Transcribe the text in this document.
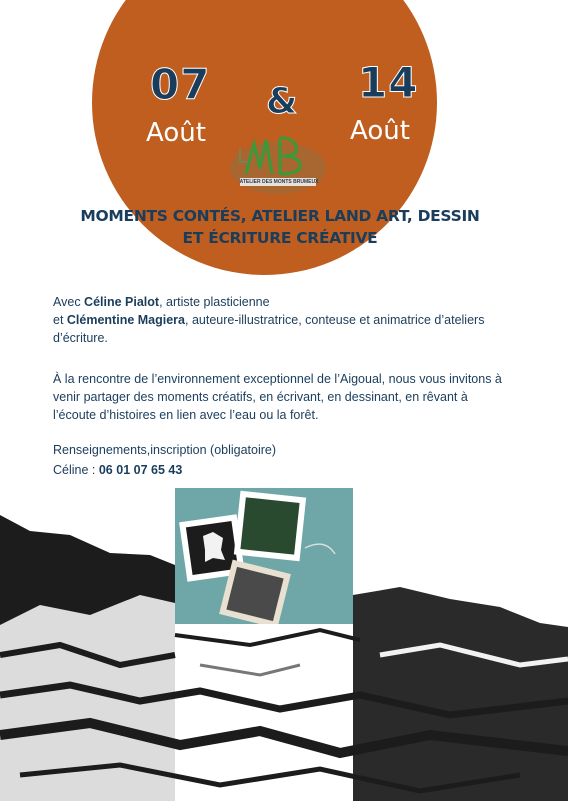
07
Août
& 14
Août
ATELIER DES MONTS BRUMEUX
MOMENTS CONTÉS, ATELIER LAND ART, DESSIN
ET ÉCRITURE CRÉATIVE
Avec Céline Pialot, artiste plasticienne
et Clémentine Magiera, auteure-illustratrice, conteuse et animatrice d’ateliers d’écriture.
À la rencontre de l’environnement exceptionnel de l’Aigoual, nous vous invitons à venir partager des moments créatifs, en écrivant, en dessinant, en rêvant à l’écoute d’histoires en lien avec l’eau ou la forêt.
Renseignements,inscription (obligatoire)
Céline : 06 01 07 65 43
